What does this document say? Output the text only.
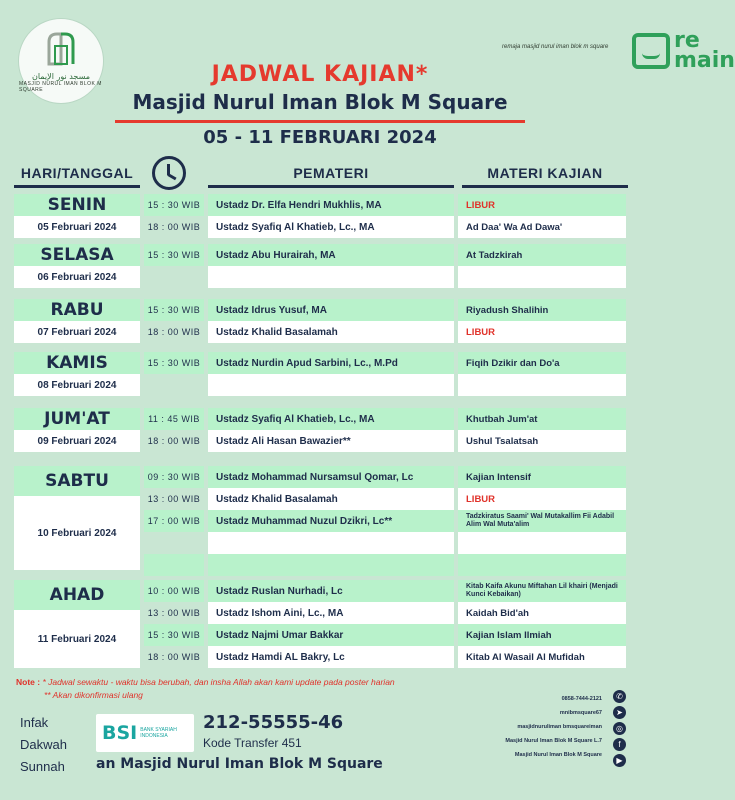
مسجد نور الإيمان
MASJID NURUL IMAN BLOK M SQUARE
re
main
remaja masjid nurul iman blok m square
JADWAL KAJIAN*
Masjid Nurul Iman Blok M Square
05 - 11 FEBRUARI 2024
HARI/TANGGAL	PEMATERI	MATERI KAJIAN
SENIN
05 Februari 2024
15 : 30 WIB	Ustadz Dr. Elfa Hendri Mukhlis, MA	LIBUR
18 : 00 WIB	Ustadz Syafiq Al Khatieb, Lc., MA	Ad Daa' Wa Ad Dawa'
SELASA
06 Februari 2024
15 : 30 WIB	Ustadz Abu Hurairah, MA	At Tadzkirah
RABU
07 Februari 2024
15 : 30 WIB	Ustadz Idrus Yusuf, MA	Riyadush Shalihin
18 : 00 WIB	Ustadz Khalid Basalamah	LIBUR
KAMIS
08 Februari 2024
15 : 30 WIB	Ustadz Nurdin Apud Sarbini, Lc., M.Pd	Fiqih Dzikir dan Do'a
JUM'AT
09 Februari 2024
11 : 45 WIB	Ustadz Syafiq Al Khatieb, Lc., MA	Khutbah Jum'at
18 : 00 WIB	Ustadz Ali Hasan Bawazier**	Ushul Tsalatsah
SABTU
10 Februari 2024
09 : 30 WIB	Ustadz Mohammad Nursamsul Qomar, Lc	Kajian Intensif
13 : 00 WIB	Ustadz Khalid Basalamah	LIBUR
17 : 00 WIB	Ustadz Muhammad Nuzul Dzikri, Lc**	Tadzkiratus Saami' Wal Mutakallim Fii Adabil Alim Wal Muta'alim
AHAD
11 Februari 2024
10 : 00 WIB	Ustadz Ruslan Nurhadi, Lc	Kitab Kaifa Akunu Miftahan Lil khairi (Menjadi Kunci Kebaikan)
13 : 00 WIB	Ustadz Ishom Aini, Lc., MA	Kaidah Bid'ah
15 : 30 WIB	Ustadz Najmi Umar Bakkar	Kajian Islam Ilmiah
18 : 00 WIB	Ustadz Hamdi AL Bakry, Lc	Kitab Al Wasail Al Mufidah
Note : * Jadwal sewaktu - waktu bisa berubah, dan insha Allah akan kami update pada poster harian
** Akan dikonfirmasi ulang
Infak
Dakwah
Sunnah
BSI BANK SYARIAH INDONESIA
212-55555-46
Kode Transfer 451
an Masjid Nurul Iman Blok M Square
0858-7444-2121
mnibmsquare67
masjidnuruliman bmsquareiman
Masjid Nurul Iman Blok M Square L.7
Masjid Nurul Iman Blok M Square
✆
➤
◎
f
▶
